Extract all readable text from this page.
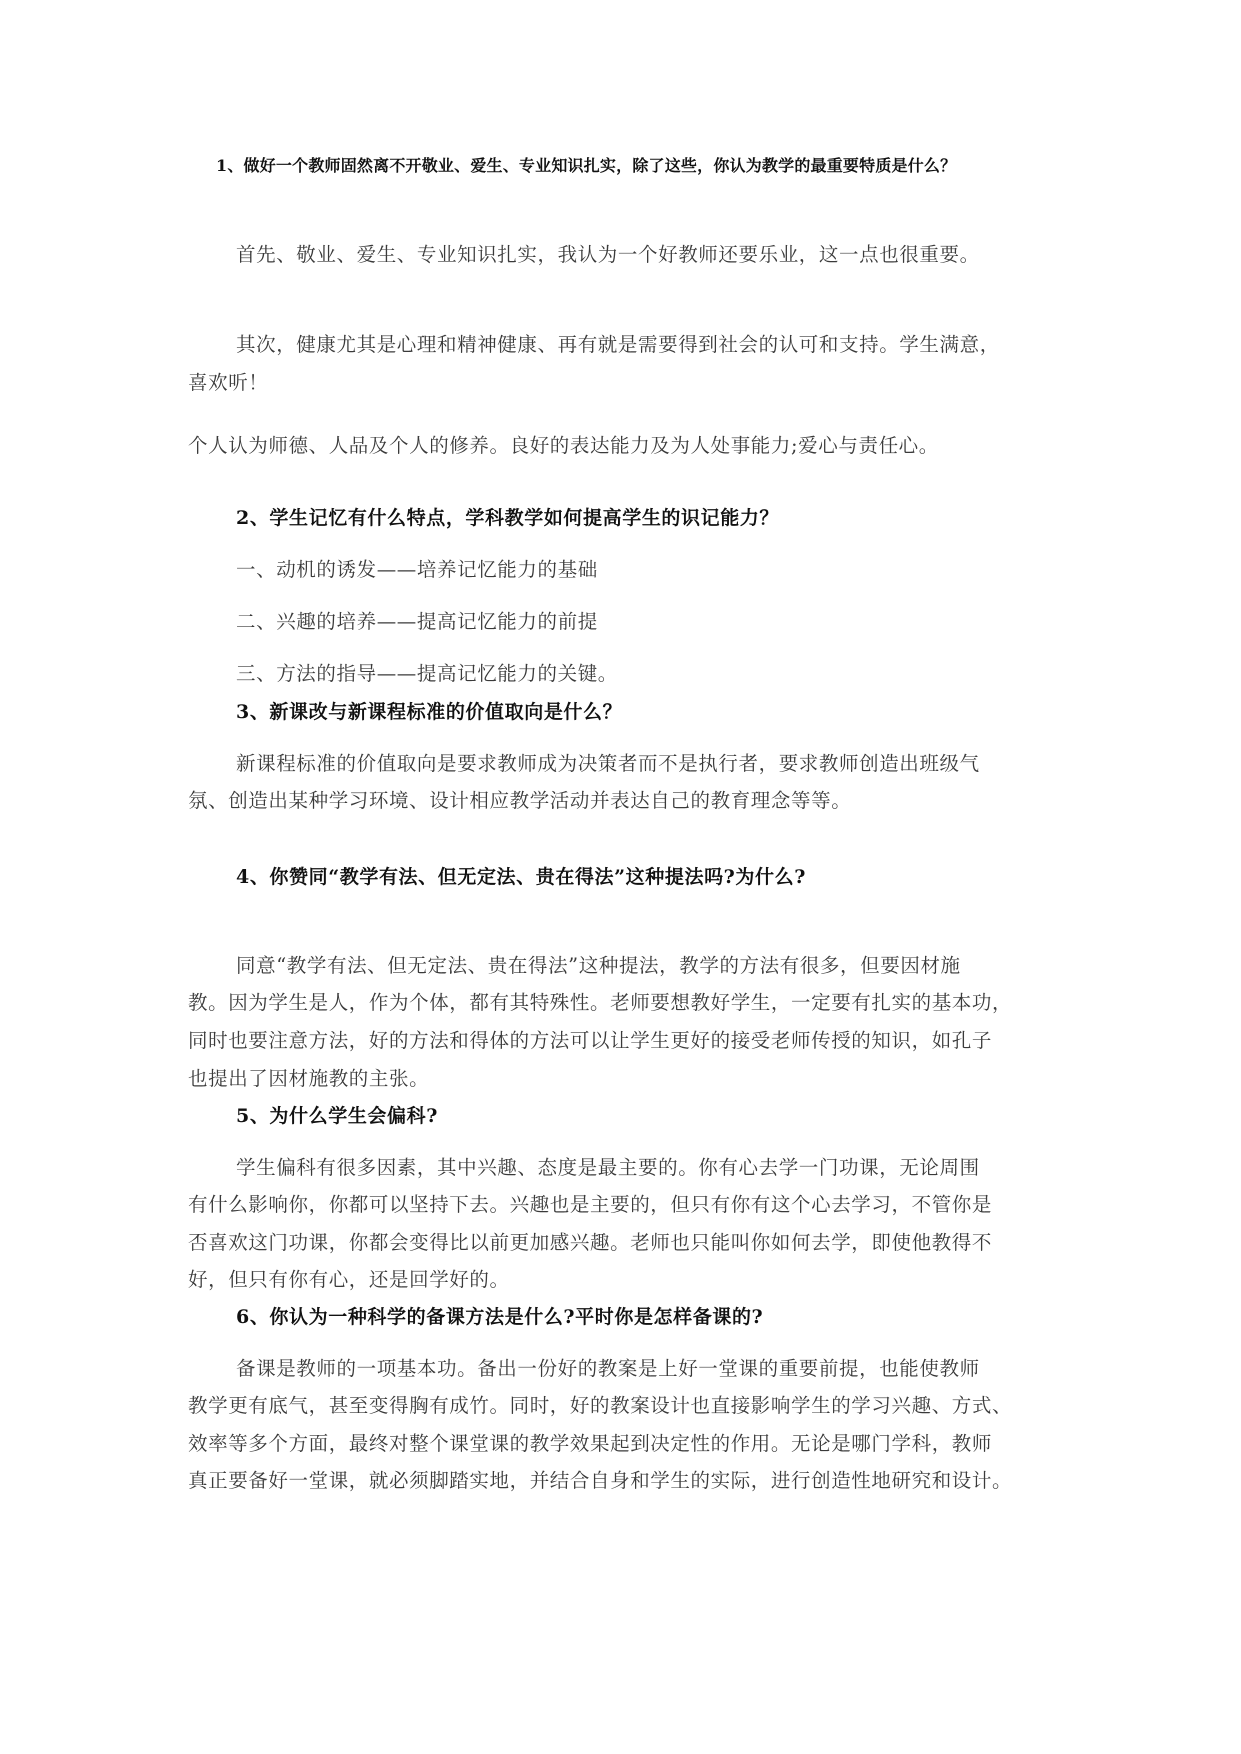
1、做好一个教师固然离不开敬业、爱生、专业知识扎实，除了这些，你认为教学的最重要特质是什么？
首先、敬业、爱生、专业知识扎实，我认为一个好教师还要乐业，这一点也很重要。
其次，健康尤其是心理和精神健康、再有就是需要得到社会的认可和支持。学生满意，
喜欢听！
个人认为师德、人品及个人的修养。良好的表达能力及为人处事能力;爱心与责任心。
2、学生记忆有什么特点，学科教学如何提高学生的识记能力？
一、动机的诱发——培养记忆能力的基础
二、兴趣的培养——提高记忆能力的前提
三、方法的指导——提高记忆能力的关键。
3、新课改与新课程标准的价值取向是什么？
新课程标准的价值取向是要求教师成为决策者而不是执行者，要求教师创造出班级气
氛、创造出某种学习环境、设计相应教学活动并表达自己的教育理念等等。
4、你赞同“教学有法、但无定法、贵在得法”这种提法吗?为什么?
同意“教学有法、但无定法、贵在得法”这种提法，教学的方法有很多，但要因材施
教。因为学生是人，作为个体，都有其特殊性。老师要想教好学生，一定要有扎实的基本功，
同时也要注意方法，好的方法和得体的方法可以让学生更好的接受老师传授的知识，如孔子
也提出了因材施教的主张。
5、为什么学生会偏科?
学生偏科有很多因素，其中兴趣、态度是最主要的。你有心去学一门功课，无论周围
有什么影响你，你都可以坚持下去。兴趣也是主要的，但只有你有这个心去学习，不管你是
否喜欢这门功课，你都会变得比以前更加感兴趣。老师也只能叫你如何去学，即使他教得不
好，但只有你有心，还是回学好的。
6、你认为一种科学的备课方法是什么?平时你是怎样备课的?
备课是教师的一项基本功。备出一份好的教案是上好一堂课的重要前提，也能使教师
教学更有底气，甚至变得胸有成竹。同时，好的教案设计也直接影响学生的学习兴趣、方式、
效率等多个方面，最终对整个课堂课的教学效果起到决定性的作用。无论是哪门学科，教师
真正要备好一堂课，就必须脚踏实地，并结合自身和学生的实际，进行创造性地研究和设计。
